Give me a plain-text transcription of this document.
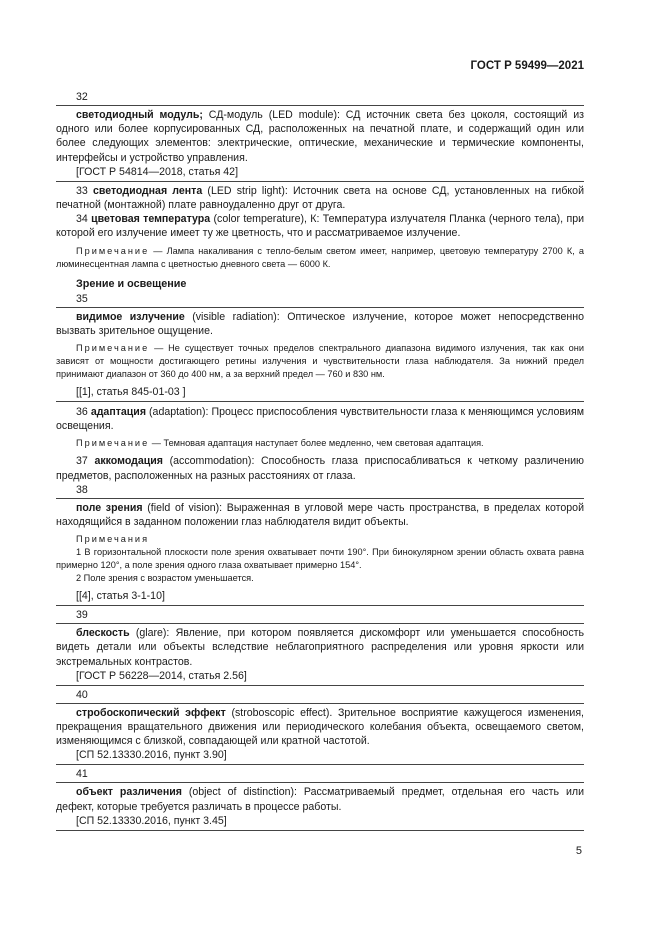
ГОСТ Р 59499—2021
32

светодиодный модуль; СД-модуль (LED module): СД источник света без цоколя, состоящий из одного или более корпусированных СД, расположенных на печатной плате, и содержащий один или более следующих элементов: электрические, оптические, механические и термические компоненты, интерфейсы и устройство управления.

[ГОСТ Р 54814—2018, статья 42]

33 светодиодная лента (LED strip light): Источник света на основе СД, установленных на гибкой печатной (монтажной) плате равноудаленно друг от друга.

34 цветовая температура (color temperature), К: Температура излучателя Планка (черного тела), при которой его излучение имеет ту же цветность, что и рассматриваемое излучение.

Примечание — Лампа накаливания с тепло-белым светом имеет, например, цветовую температуру 2700 К, а люминесцентная лампа с цветностью дневного света — 6000 К.
Зрение и освещение
35

видимое излучение (visible radiation): Оптическое излучение, которое может непосредственно вызвать зрительное ощущение.

Примечание — Не существует точных пределов спектрального диапазона видимого излучения, так как они зависят от мощности достигающего ретины излучения и чувствительности глаза наблюдателя. За нижний предел принимают диапазон от 360 до 400 нм, а за верхний предел — 760 и 830 нм.
[[1], статья 845-01-03 ]

36 адаптация (adaptation): Процесс приспособления чувствительности глаза к меняющимся условиям освещения.

Примечание — Темновая адаптация наступает более медленно, чем световая адаптация.

37 аккомодация (accommodation): Способность глаза приспосабливаться к четкому различению предметов, расположенных на разных расстояниях от глаза.

38

поле зрения (field of vision): Выраженная в угловой мере часть пространства, в пределах которой находящийся в заданном положении глаз наблюдателя видит объекты.

Примечания
1 В горизонтальной плоскости поле зрения охватывает почти 190°. При бинокулярном зрении область охвата равна примерно 120°, а поле зрения одного глаза охватывает примерно 154°.
2 Поле зрения с возрастом уменьшается.
[[4], статья 3-1-10]
39

блескость (glare): Явление, при котором появляется дискомфорт или уменьшается способность видеть детали или объекты вследствие неблагоприятного распределения или уровня яркости или экстремальных контрастов.

[ГОСТ Р 56228—2014, статья 2.56]
40

стробоскопический эффект (stroboscopic effect). Зрительное восприятие кажущегося изменения, прекращения вращательного движения или периодического колебания объекта, освещаемого светом, изменяющимся с близкой, совпадающей или кратной частотой.

[СП 52.13330.2016, пункт 3.90]
41

объект различения (object of distinction): Рассматриваемый предмет, отдельная его часть или дефект, которые требуется различать в процессе работы.

[СП 52.13330.2016, пункт 3.45]
5
